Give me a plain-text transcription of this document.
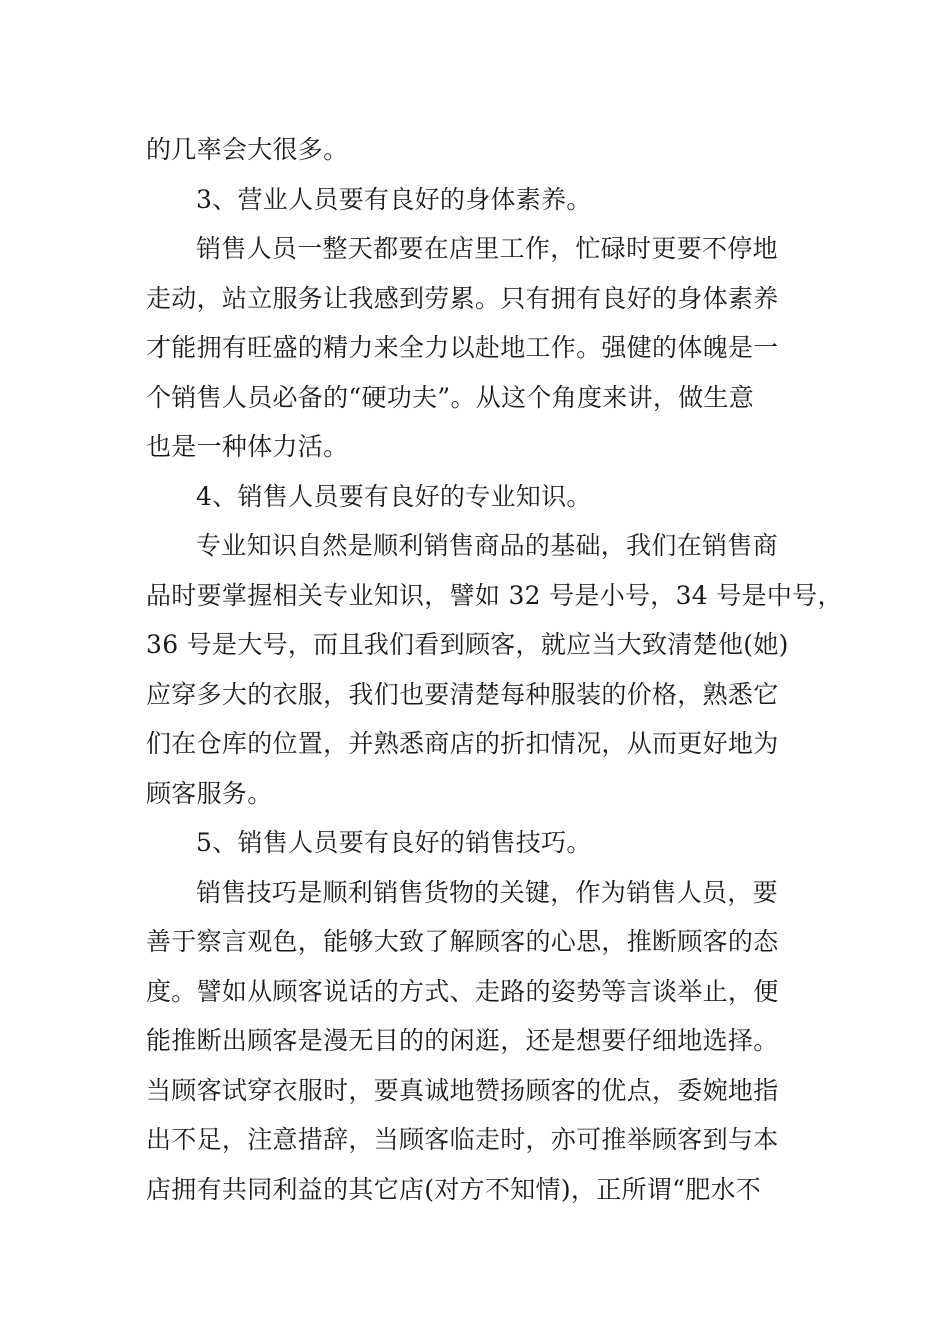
的几率会大很多。
3、营业人员要有良好的身体素养。
销售人员一整天都要在店里工作，忙碌时更要不停地
走动，站立服务让我感到劳累。只有拥有良好的身体素养
才能拥有旺盛的精力来全力以赴地工作。强健的体魄是一
个销售人员必备的“硬功夫”。从这个角度来讲，做生意
也是一种体力活。
4、销售人员要有良好的专业知识。
专业知识自然是顺利销售商品的基础，我们在销售商
品时要掌握相关专业知识，譬如 32 号是小号，34 号是中号，
36 号是大号，而且我们看到顾客，就应当大致清楚他(她)
应穿多大的衣服，我们也要清楚每种服装的价格，熟悉它
们在仓库的位置，并熟悉商店的折扣情况，从而更好地为
顾客服务。
5、销售人员要有良好的销售技巧。
销售技巧是顺利销售货物的关键，作为销售人员，要
善于察言观色，能够大致了解顾客的心思，推断顾客的态
度。譬如从顾客说话的方式、走路的姿势等言谈举止，便
能推断出顾客是漫无目的的闲逛，还是想要仔细地选择。
当顾客试穿衣服时，要真诚地赞扬顾客的优点，委婉地指
出不足，注意措辞，当顾客临走时，亦可推举顾客到与本
店拥有共同利益的其它店(对方不知情)，正所谓“肥水不
